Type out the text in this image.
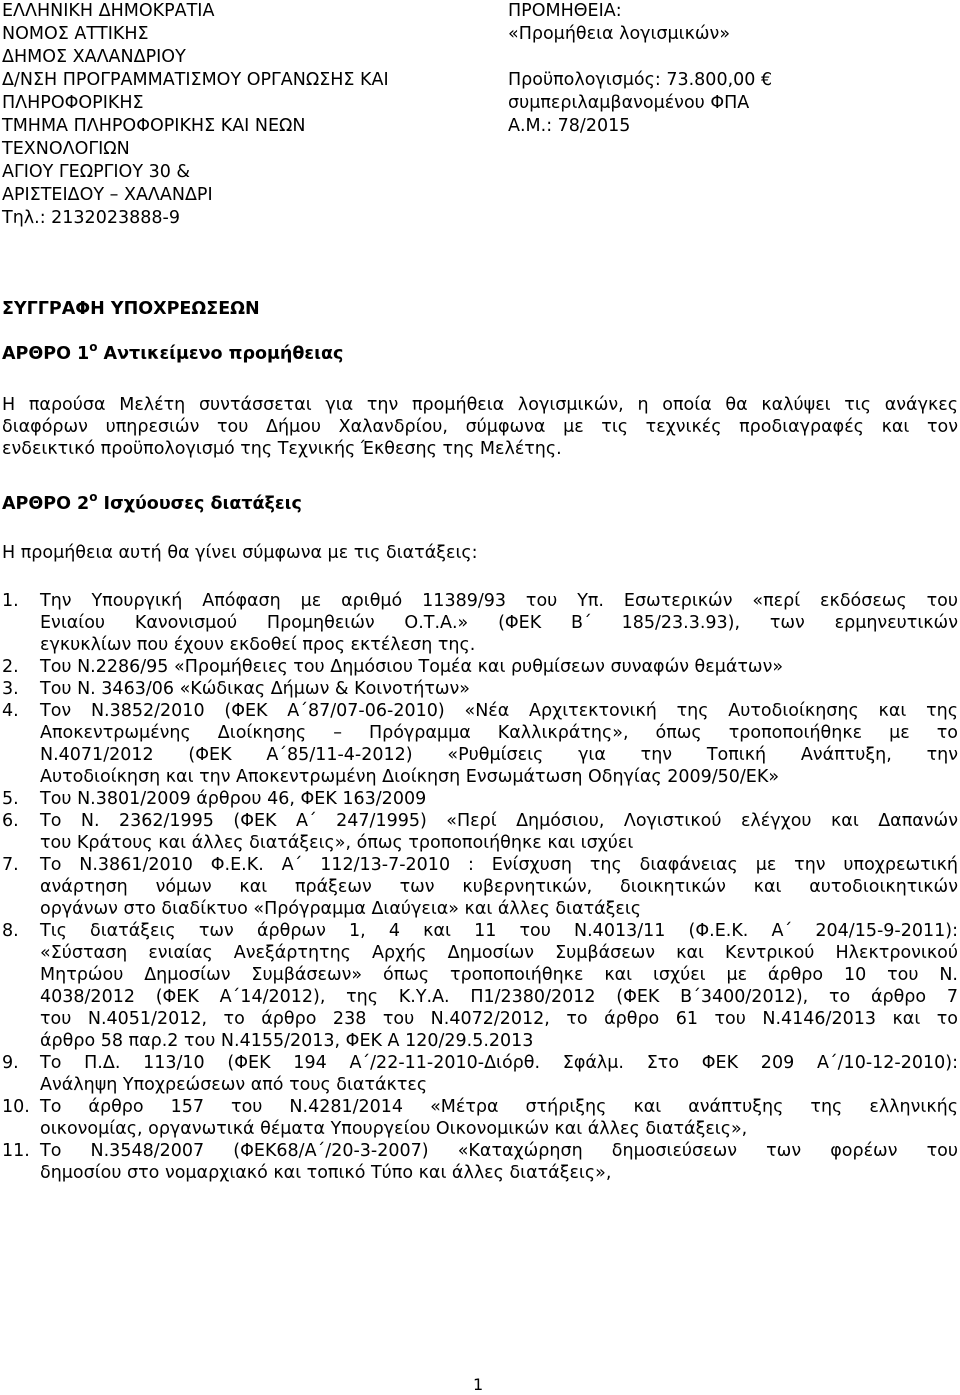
ΕΛΛΗΝΙΚΗ ΔΗΜΟΚΡΑΤΙΑ
ΝΟΜΟΣ ΑΤΤΙΚΗΣ
ΔΗΜΟΣ ΧΑΛΑΝΔΡΙΟΥ
Δ/ΝΣΗ ΠΡΟΓΡΑΜΜΑΤΙΣΜΟΥ ΟΡΓΑΝΩΣΗΣ ΚΑΙ
ΠΛΗΡΟΦΟΡΙΚΗΣ
ΤΜΗΜΑ ΠΛΗΡΟΦΟΡΙΚΗΣ ΚΑΙ ΝΕΩΝ
ΤΕΧΝΟΛΟΓΙΩΝ
ΑΓΙΟΥ ΓΕΩΡΓΙΟΥ 30 &
ΑΡΙΣΤΕΙΔΟΥ – ΧΑΛΑΝΔΡΙ
Τηλ.: 2132023888-9
ΠΡΟΜΗΘΕΙΑ:
«Προμήθεια λογισμικών»
Προϋπολογισμός: 73.800,00 €
συμπεριλαμβανομένου ΦΠΑ
Α.Μ.: 78/2015
ΣΥΓΓΡΑΦΗ ΥΠΟΧΡΕΩΣΕΩΝ
ΑΡΘΡΟ $1^o$ Αντικείμενο προμήθειας
Η παρούσα Μελέτη συντάσσεται για την προμήθεια λογισμικών, η οποία θα καλύψει τις ανάγκες
διαφόρων υπηρεσιών του Δήμου Χαλανδρίου, σύμφωνα με τις τεχνικές προδιαγραφές και τον
ενδεικτικό προϋπολογισμό της Τεχνικής Έκθεσης της Μελέτης.
ΑΡΘΡΟ $2^o$ Ισχύουσες διατάξεις
Η προμήθεια αυτή θα γίνει σύμφωνα με τις διατάξεις:
1. Την Υπουργική Απόφαση με αριθμό 11389/93 του Υπ. Εσωτερικών «περί εκδόσεως του
Ενιαίου Κανονισμού Προμηθειών Ο.Τ.Α.» (ΦΕΚ Β΄ 185/23.3.93), των ερμηνευτικών
εγκυκλίων που έχουν εκδοθεί προς εκτέλεση της.
2. Του Ν.2286/95 «Προμήθειες του Δημόσιου Τομέα και ρυθμίσεων συναφών θεμάτων»
3. Του Ν. 3463/06 «Κώδικας Δήμων & Κοινοτήτων»
4. Τον Ν.3852/2010 (ΦΕΚ Α΄87/07-06-2010) «Νέα Αρχιτεκτονική της Αυτοδιοίκησης και της
Αποκεντρωμένης Διοίκησης – Πρόγραμμα Καλλικράτης», όπως τροποποιήθηκε με το
Ν.4071/2012 (ΦΕΚ Α΄85/11-4-2012) «Ρυθμίσεις για την Τοπική Ανάπτυξη, την
Αυτοδιοίκηση και την Αποκεντρωμένη Διοίκηση Ενσωμάτωση Οδηγίας 2009/50/ΕΚ»
5. Του Ν.3801/2009 άρθρου 46, ΦΕΚ 163/2009
6. Το Ν. 2362/1995 (ΦΕΚ Α΄ 247/1995) «Περί Δημόσιου, Λογιστικού ελέγχου και Δαπανών
του Κράτους και άλλες διατάξεις», όπως τροποποιήθηκε και ισχύει
7. Το Ν.3861/2010 Φ.Ε.Κ. Α΄ 112/13-7-2010 : Ενίσχυση της διαφάνειας με την υποχρεωτική
ανάρτηση νόμων και πράξεων των κυβερνητικών, διοικητικών και αυτοδιοικητικών
οργάνων στο διαδίκτυο «Πρόγραμμα Διαύγεια» και άλλες διατάξεις
8. Τις διατάξεις των άρθρων 1, 4 και 11 του Ν.4013/11 (Φ.Ε.Κ. Α΄ 204/15-9-2011):
«Σύσταση ενιαίας Ανεξάρτητης Αρχής Δημοσίων Συμβάσεων και Κεντρικού Ηλεκτρονικού
Μητρώου Δημοσίων Συμβάσεων» όπως τροποποιήθηκε και ισχύει με άρθρο 10 του Ν.
4038/2012 (ΦΕΚ Α΄14/2012), της Κ.Υ.Α. Π1/2380/2012 (ΦΕΚ Β΄3400/2012), το άρθρο 7
του Ν.4051/2012, το άρθρο 238 του Ν.4072/2012, το άρθρο 61 του Ν.4146/2013 και το
άρθρο 58 παρ.2 του Ν.4155/2013, ΦΕΚ Α 120/29.5.2013
9. Το Π.Δ. 113/10 (ΦΕΚ 194 Α΄/22-11-2010-Διόρθ. Σφάλμ. Στο ΦΕΚ 209 Α΄/10-12-2010):
Ανάληψη Υποχρεώσεων από τους διατάκτες
10. Το άρθρο 157 του Ν.4281/2014 «Μέτρα στήριξης και ανάπτυξης της ελληνικής
οικονομίας, οργανωτικά θέματα Υπουργείου Οικονομικών και άλλες διατάξεις»,
11. Το Ν.3548/2007 (ΦΕΚ68/Α΄/20-3-2007) «Καταχώρηση δημοσιεύσεων των φορέων του
δημοσίου στο νομαρχιακό και τοπικό Τύπο και άλλες διατάξεις»,
1
